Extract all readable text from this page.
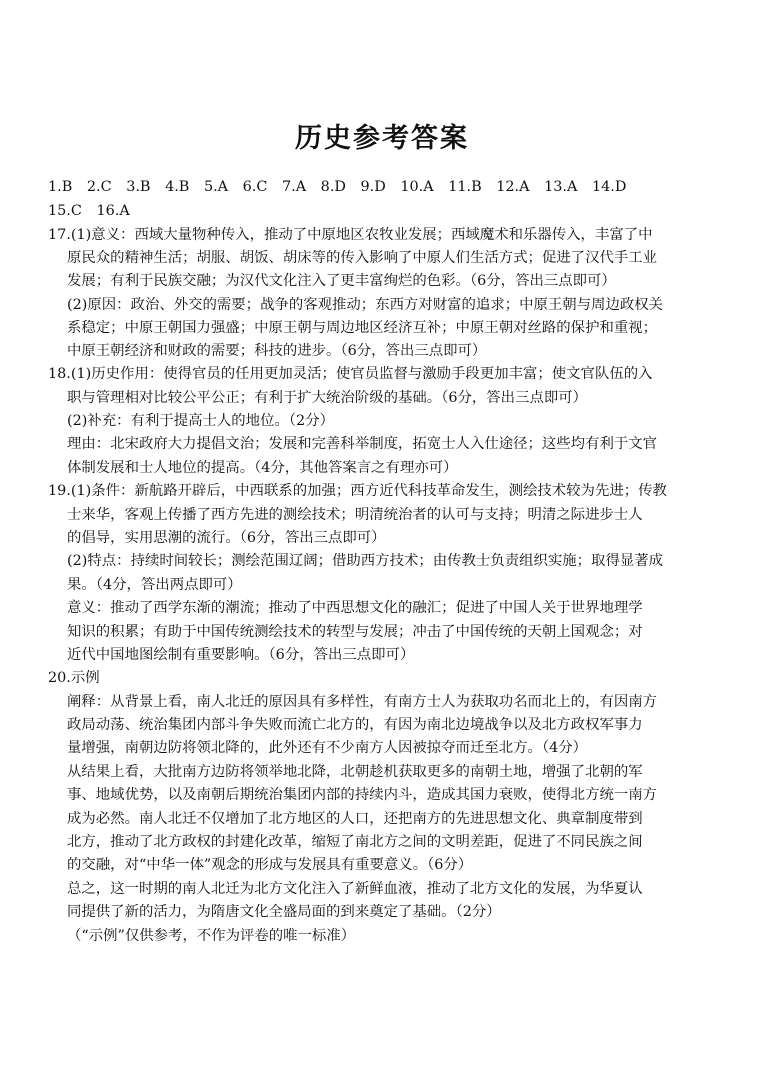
历史参考答案
1.B 2.C 3.B 4.B 5.A 6.C 7.A 8.D 9.D 10.A 11.B 12.A 13.A 14.D
15.C 16.A
17.(1)意义：西域大量物种传入，推动了中原地区农牧业发展；西域魔术和乐器传入，丰富了中
原民众的精神生活；胡服、胡饭、胡床等的传入影响了中原人们生活方式；促进了汉代手工业
发展；有利于民族交融；为汉代文化注入了更丰富绚烂的色彩。（6分，答出三点即可）
(2)原因：政治、外交的需要；战争的客观推动；东西方对财富的追求；中原王朝与周边政权关
系稳定；中原王朝国力强盛；中原王朝与周边地区经济互补；中原王朝对丝路的保护和重视；
中原王朝经济和财政的需要；科技的进步。（6分，答出三点即可）
18.(1)历史作用：使得官员的任用更加灵活；使官员监督与激励手段更加丰富；使文官队伍的入
职与管理相对比较公平公正；有利于扩大统治阶级的基础。（6分，答出三点即可）
(2)补充：有利于提高士人的地位。（2分）
理由：北宋政府大力提倡文治；发展和完善科举制度，拓宽士人入仕途径；这些均有利于文官
体制发展和士人地位的提高。（4分，其他答案言之有理亦可）
19.(1)条件：新航路开辟后，中西联系的加强；西方近代科技革命发生，测绘技术较为先进；传教
士来华，客观上传播了西方先进的测绘技术；明清统治者的认可与支持；明清之际进步士人
的倡导，实用思潮的流行。（6分，答出三点即可）
(2)特点：持续时间较长；测绘范围辽阔；借助西方技术；由传教士负责组织实施；取得显著成
果。（4分，答出两点即可）
意义：推动了西学东渐的潮流；推动了中西思想文化的融汇；促进了中国人关于世界地理学
知识的积累；有助于中国传统测绘技术的转型与发展；冲击了中国传统的天朝上国观念；对
近代中国地图绘制有重要影响。（6分，答出三点即可）
20.示例
阐释：从背景上看，南人北迁的原因具有多样性，有南方士人为获取功名而北上的，有因南方
政局动荡、统治集团内部斗争失败而流亡北方的，有因为南北边境战争以及北方政权军事力
量增强，南朝边防将领北降的，此外还有不少南方人因被掠夺而迁至北方。（4分）
从结果上看，大批南方边防将领举地北降，北朝趁机获取更多的南朝土地，增强了北朝的军
事、地域优势，以及南朝后期统治集团内部的持续内斗，造成其国力衰败，使得北方统一南方
成为必然。南人北迁不仅增加了北方地区的人口，还把南方的先进思想文化、典章制度带到
北方，推动了北方政权的封建化改革，缩短了南北方之间的文明差距，促进了不同民族之间
的交融，对“中华一体”观念的形成与发展具有重要意义。（6分）
总之，这一时期的南人北迁为北方文化注入了新鲜血液，推动了北方文化的发展，为华夏认
同提供了新的活力，为隋唐文化全盛局面的到来奠定了基础。（2分）
（“示例”仅供参考，不作为评卷的唯一标准）
